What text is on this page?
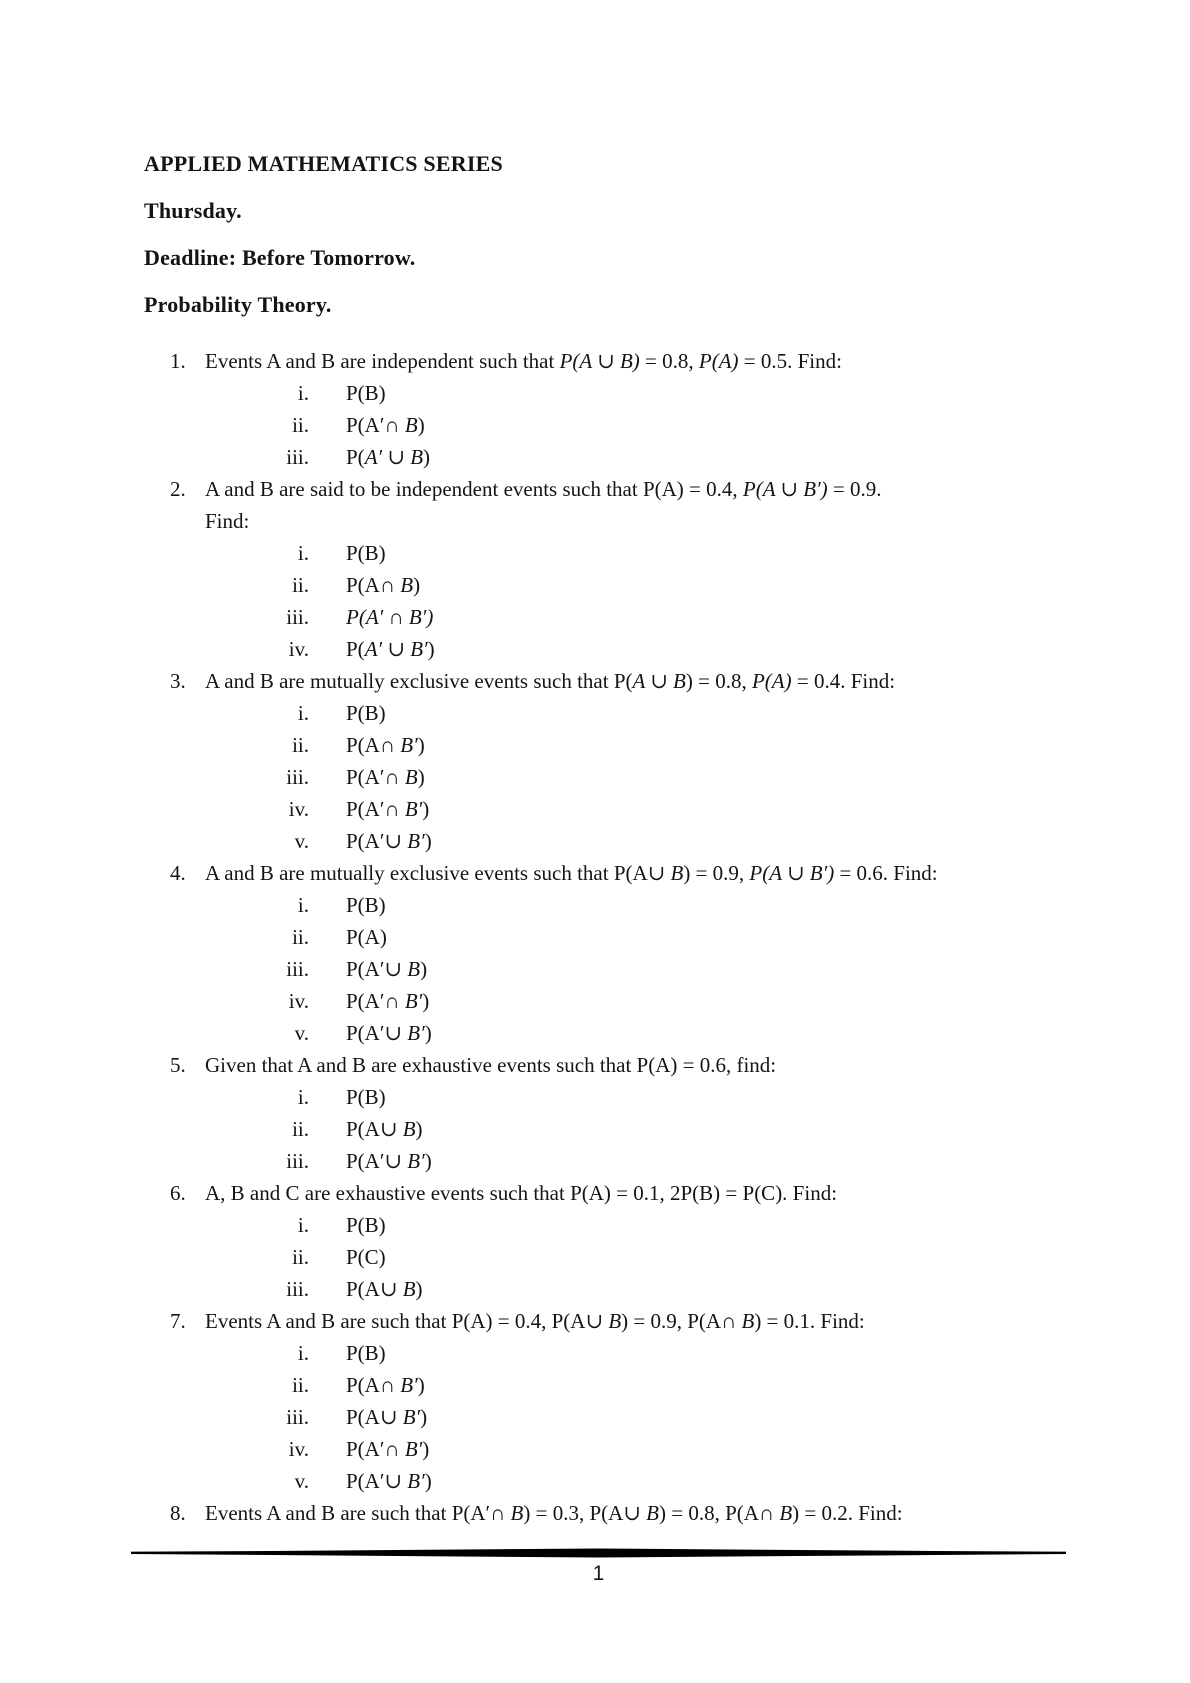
APPLIED MATHEMATICS SERIES

Thursday.

Deadline: Before Tomorrow.

Probability Theory.

1. Events A and B are independent such that P(A ∪ B) = 0.8, P(A) = 0.5. Find:
i.	P(B)
ii.	P(A′∩ B)
iii.	P(A′ ∪ B)
2. A and B are said to be independent events such that P(A) = 0.4, P(A ∪ B′) = 0.9.
Find:
i.	P(B)
ii.	P(A∩ B)
iii.	P(A′ ∩ B′)
iv.	P(A′ ∪ B′)
3. A and B are mutually exclusive events such that P(A ∪ B) = 0.8, P(A) = 0.4. Find:
i.	P(B)
ii.	P(A∩ B′)
iii.	P(A′∩ B)
iv.	P(A′∩ B′)
v.	P(A′∪ B′)
4. A and B are mutually exclusive events such that P(A∪ B) = 0.9, P(A ∪ B′) = 0.6. Find:
i.	P(B)
ii.	P(A)
iii.	P(A′∪ B)
iv.	P(A′∩ B′)
v.	P(A′∪ B′)
5. Given that A and B are exhaustive events such that P(A) = 0.6, find:
i.	P(B)
ii.	P(A∪ B)
iii.	P(A′∪ B′)
6. A, B and C are exhaustive events such that P(A) = 0.1, 2P(B) = P(C). Find:
i.	P(B)
ii.	P(C)
iii.	P(A∪ B)
7. Events A and B are such that P(A) = 0.4, P(A∪ B) = 0.9, P(A∩ B) = 0.1. Find:
i.	P(B)
ii.	P(A∩ B′)
iii.	P(A∪ B′)
iv.	P(A′∩ B′)
v.	P(A′∪ B′)
8. Events A and B are such that P(A′∩ B) = 0.3, P(A∪ B) = 0.8, P(A∩ B) = 0.2. Find:
1
